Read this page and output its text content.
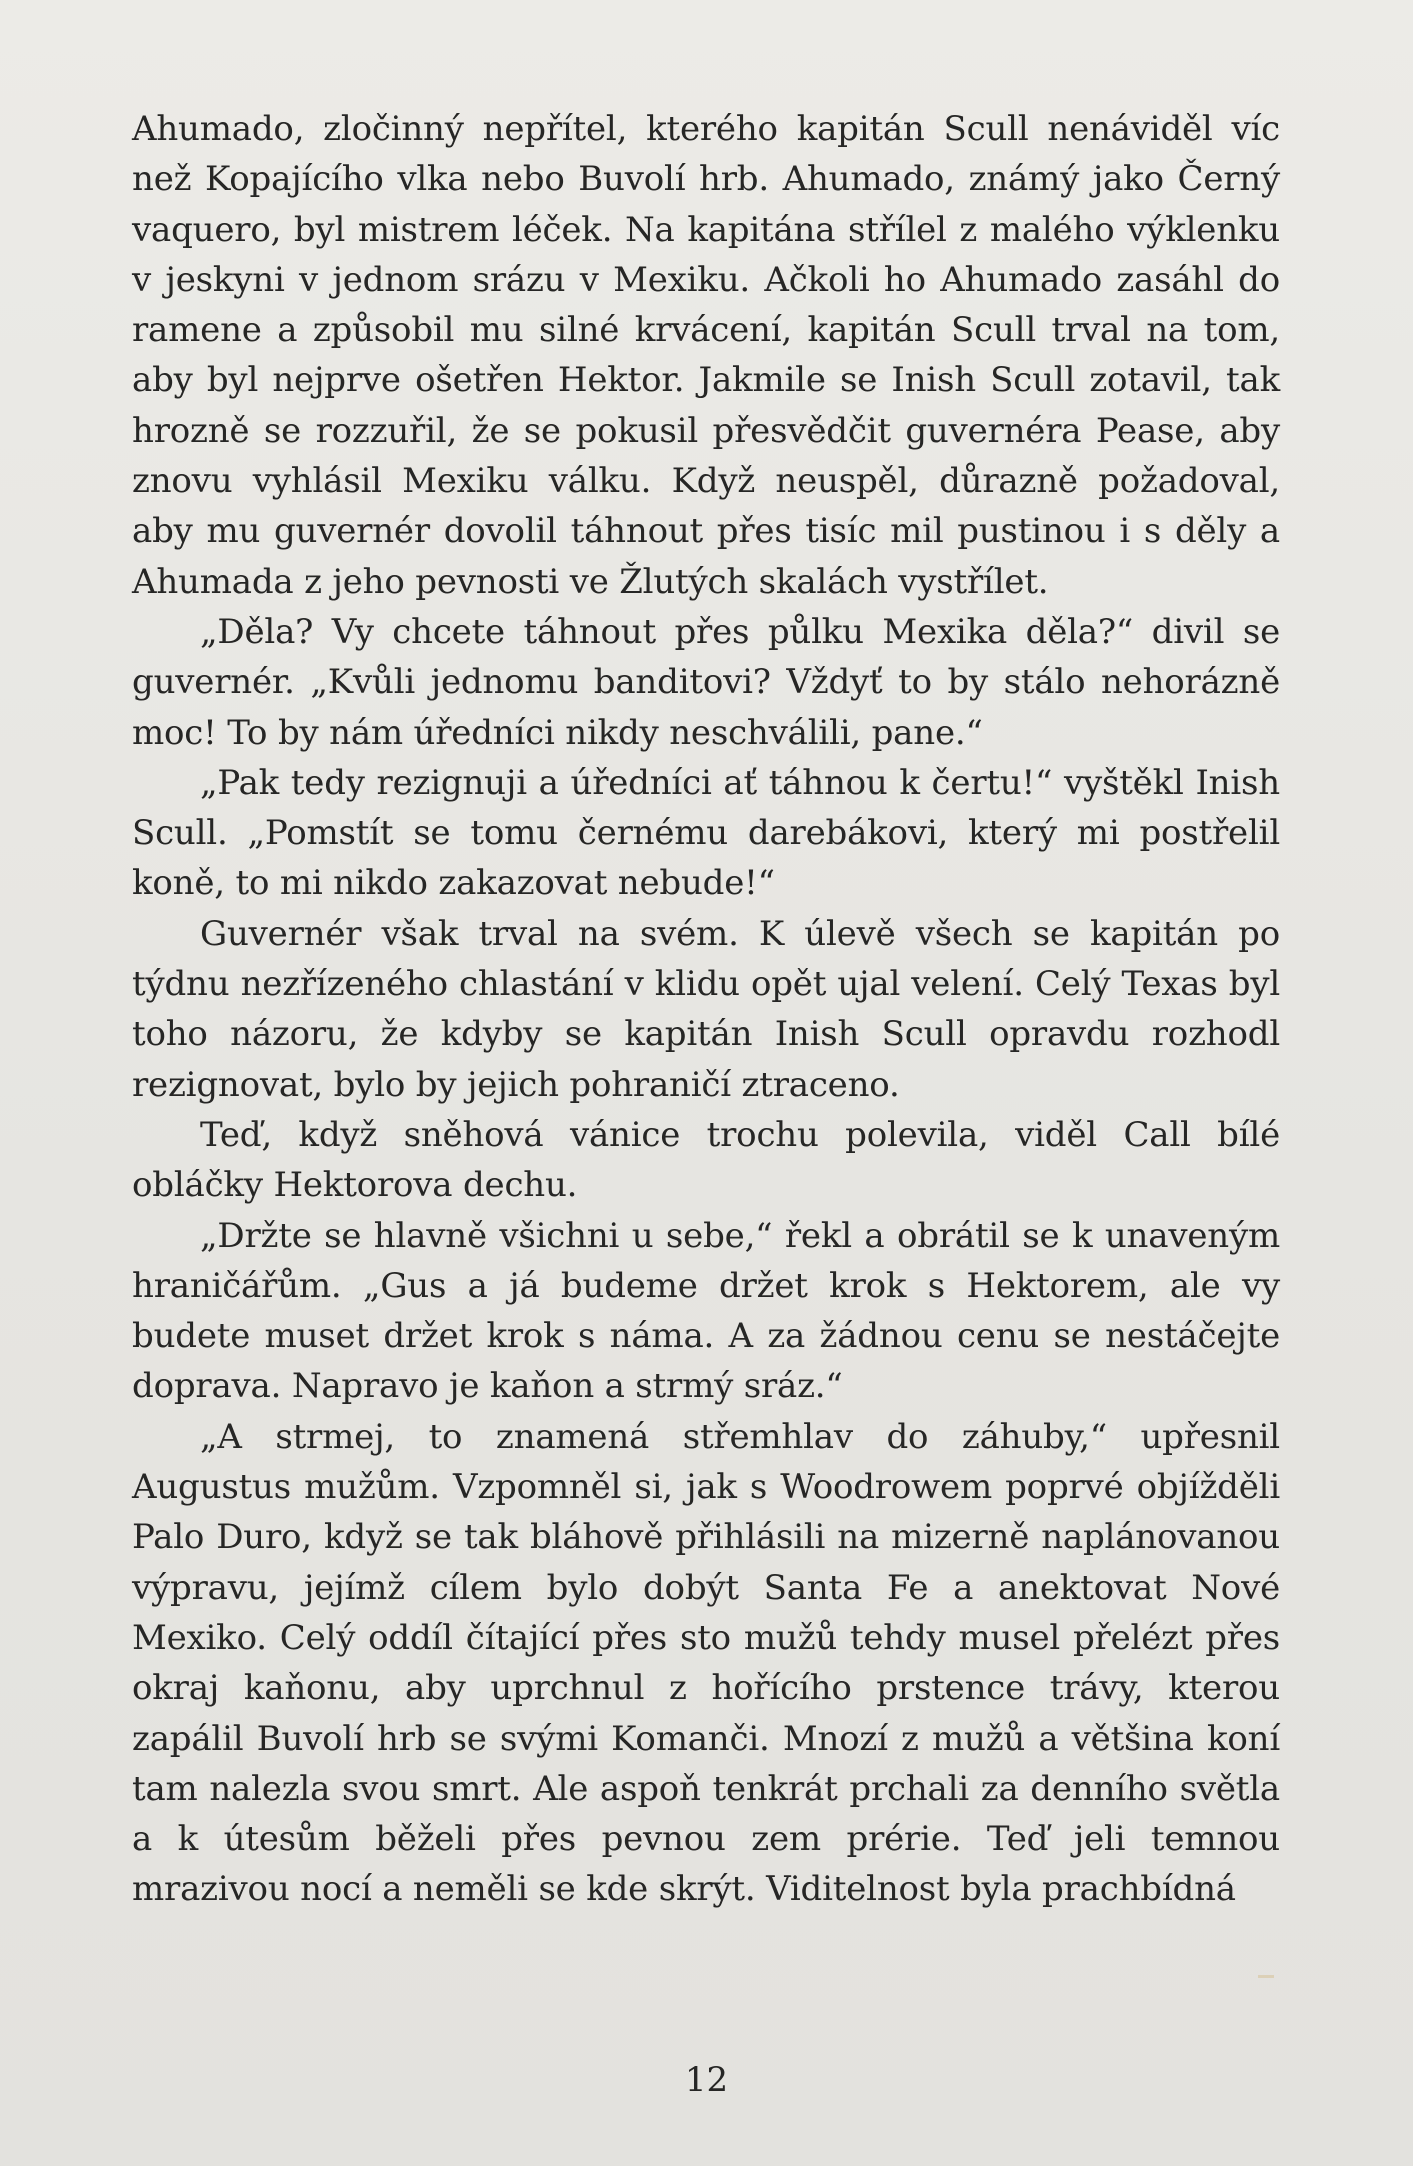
Ahumado, zločinný nepřítel, kterého kapitán Scull nenáviděl víc než Kopajícího vlka nebo Buvolí hrb. Ahumado, známý jako Černý vaquero, byl mistrem léček. Na kapitána střílel z malého výklenku v jeskyni v jednom srázu v Mexiku. Ačkoli ho Ahumado zasáhl do ramene a způsobil mu silné krvácení, kapitán Scull trval na tom, aby byl nejprve ošetřen Hektor. Jakmile se Inish Scull zotavil, tak hrozně se rozzuřil, že se pokusil přesvědčit guvernéra Pease, aby znovu vyhlásil Mexiku válku. Když neuspěl, důrazně požadoval, aby mu guvernér dovolil táhnout přes tisíc mil pustinou i s děly a Ahumada z jeho pevnosti ve Žlutých skalách vystřílet.

„Děla? Vy chcete táhnout přes půlku Mexika děla?“ divil se guvernér. „Kvůli jednomu banditovi? Vždyť to by stálo nehorázně moc! To by nám úředníci nikdy neschválili, pane.“

„Pak tedy rezignuji a úředníci ať táhnou k čertu!“ vyštěkl Inish Scull. „Pomstít se tomu černému darebákovi, který mi postřelil koně, to mi nikdo zakazovat nebude!“

Guvernér však trval na svém. K úlevě všech se kapitán po týdnu nezřízeného chlastání v klidu opět ujal velení. Celý Texas byl toho názoru, že kdyby se kapitán Inish Scull opravdu rozhodl rezignovat, bylo by jejich pohraničí ztraceno.

Teď, když sněhová vánice trochu polevila, viděl Call bílé obláčky Hektorova dechu.

„Držte se hlavně všichni u sebe,“ řekl a obrátil se k unaveným hraničářům. „Gus a já budeme držet krok s Hektorem, ale vy budete muset držet krok s náma. A za žádnou cenu se nestáčejte doprava. Napravo je kaňon a strmý sráz.“

„A strmej, to znamená střemhlav do záhuby,“ upřesnil Augustus mužům. Vzpomněl si, jak s Woodrowem poprvé objížděli Palo Duro, když se tak bláhově přihlásili na mizerně naplánovanou výpravu, jejímž cílem bylo dobýt Santa Fe a anektovat Nové Mexiko. Celý oddíl čítající přes sto mužů tehdy musel přelézt přes okraj kaňonu, aby uprchnul z hořícího prstence trávy, kterou zapálil Buvolí hrb se svými Komanči. Mnozí z mužů a většina koní tam nalezla svou smrt. Ale aspoň tenkrát prchali za denního světla a k útesům běželi přes pevnou zem prérie. Teď jeli temnou mrazivou nocí a neměli se kde skrýt. Viditelnost byla prachbídná

12
